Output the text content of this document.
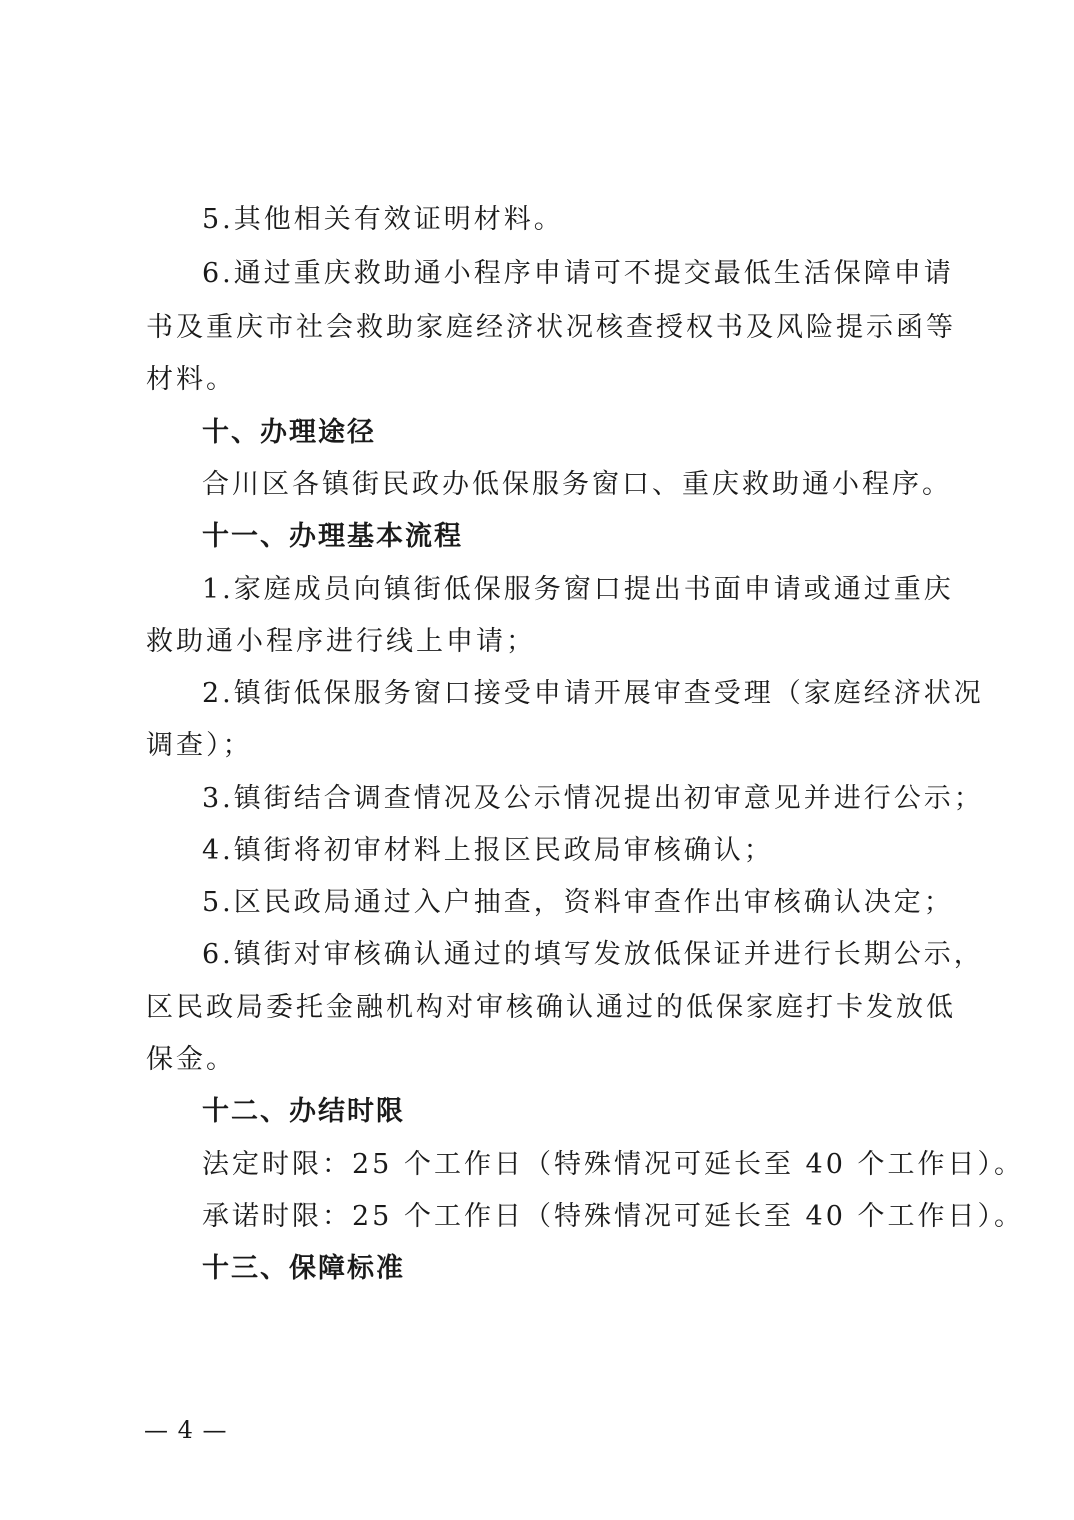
5.其他相关有效证明材料。
6.通过重庆救助通小程序申请可不提交最低生活保障申请
书及重庆市社会救助家庭经济状况核查授权书及风险提示函等
材料。
十、办理途径
合川区各镇街民政办低保服务窗口、重庆救助通小程序。
十一、办理基本流程
1.家庭成员向镇街低保服务窗口提出书面申请或通过重庆
救助通小程序进行线上申请；
2.镇街低保服务窗口接受申请开展审查受理（家庭经济状况
调查）；
3.镇街结合调查情况及公示情况提出初审意见并进行公示；
4.镇街将初审材料上报区民政局审核确认；
5.区民政局通过入户抽查，资料审查作出审核确认决定；
6.镇街对审核确认通过的填写发放低保证并进行长期公示，
区民政局委托金融机构对审核确认通过的低保家庭打卡发放低
保金。
十二、办结时限
法定时限：25 个工作日（特殊情况可延长至 40 个工作日）。
承诺时限：25 个工作日（特殊情况可延长至 40 个工作日）。
十三、保障标准
— 4 —
